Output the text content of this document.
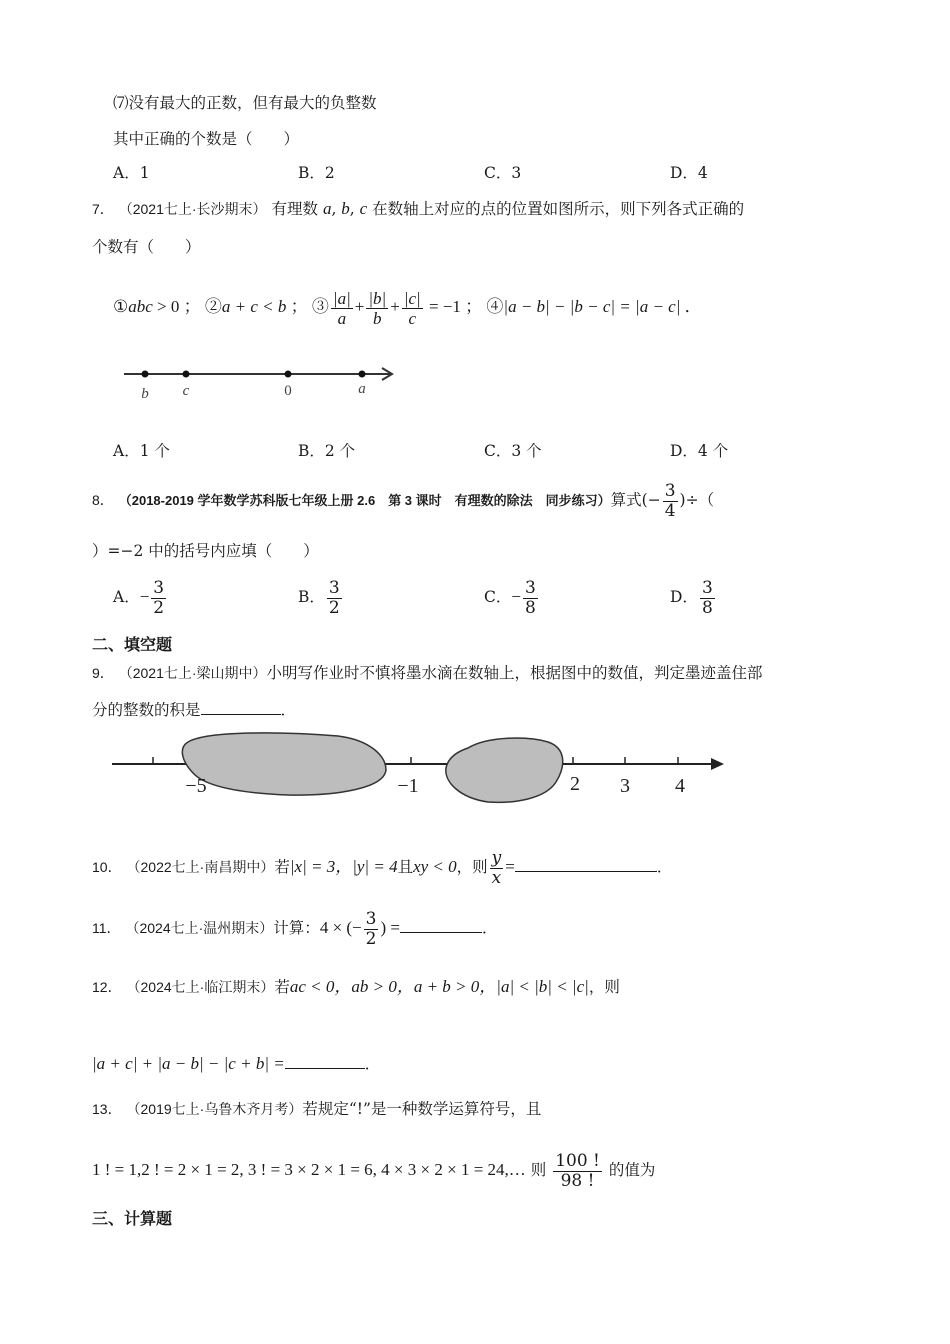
⑺没有最大的正数，但有最大的负整数
其中正确的个数是（　　）
A．1	B．2	C．3	D．4
7． （2021七上·长沙期末） 有理数 a, b, c 在数轴上对应的点的位置如图所示，则下列各式正确的
个数有（　　）
①abc > 0 ； ②a + c < b ； ③ $\frac{|a|}{a} + \frac{|b|}{b} + \frac{|c|}{c} = -1$ ； ④|a − b| − |b − c| = |a − c| ．
b c	0	a
A．1 个	B．2 个	C．3 个	D．4 个
8． （2018-2019 学年数学苏科版七年级上册 2.6　第 3 课时　有理数的除法　同步练习）算式(− $\frac{3}{4}$ )÷（
）=−2 中的括号内应填（　　）
A．− $\frac{3}{2}$	B． $\frac{3}{2}$	C．− $\frac{3}{8}$	D． $\frac{3}{8}$
二、填空题
9． （2021七上·梁山期中）小明写作业时不慎将墨水滴在数轴上，根据图中的数值，判定墨迹盖住部
分的整数的积是	．
−5	−1	2 3 4
10． （2022七上·南昌期中）若|x| = 3，|y| = 4且xy < 0，则 $\frac{y}{x}$ =	．
11． （2024七上·温州期末）计算：4 × (− $\frac{3}{2}$ ) =	．
12． （2024七上·临江期末）若ac < 0，ab > 0，a + b > 0，|a| < |b| < |c|，则
|a + c| + |a − b| − |c + b| =	．
13． （2019七上·乌鲁木齐月考）若规定“!”是一种数学运算符号，且
1 ! = 1,2 ! = 2 × 1 = 2, 3 ! = 3 × 2 × 1 = 6, 4 × 3 × 2 × 1 = 24,… 则 $\frac{100 !}{98 !}$ 的值为
三、计算题
